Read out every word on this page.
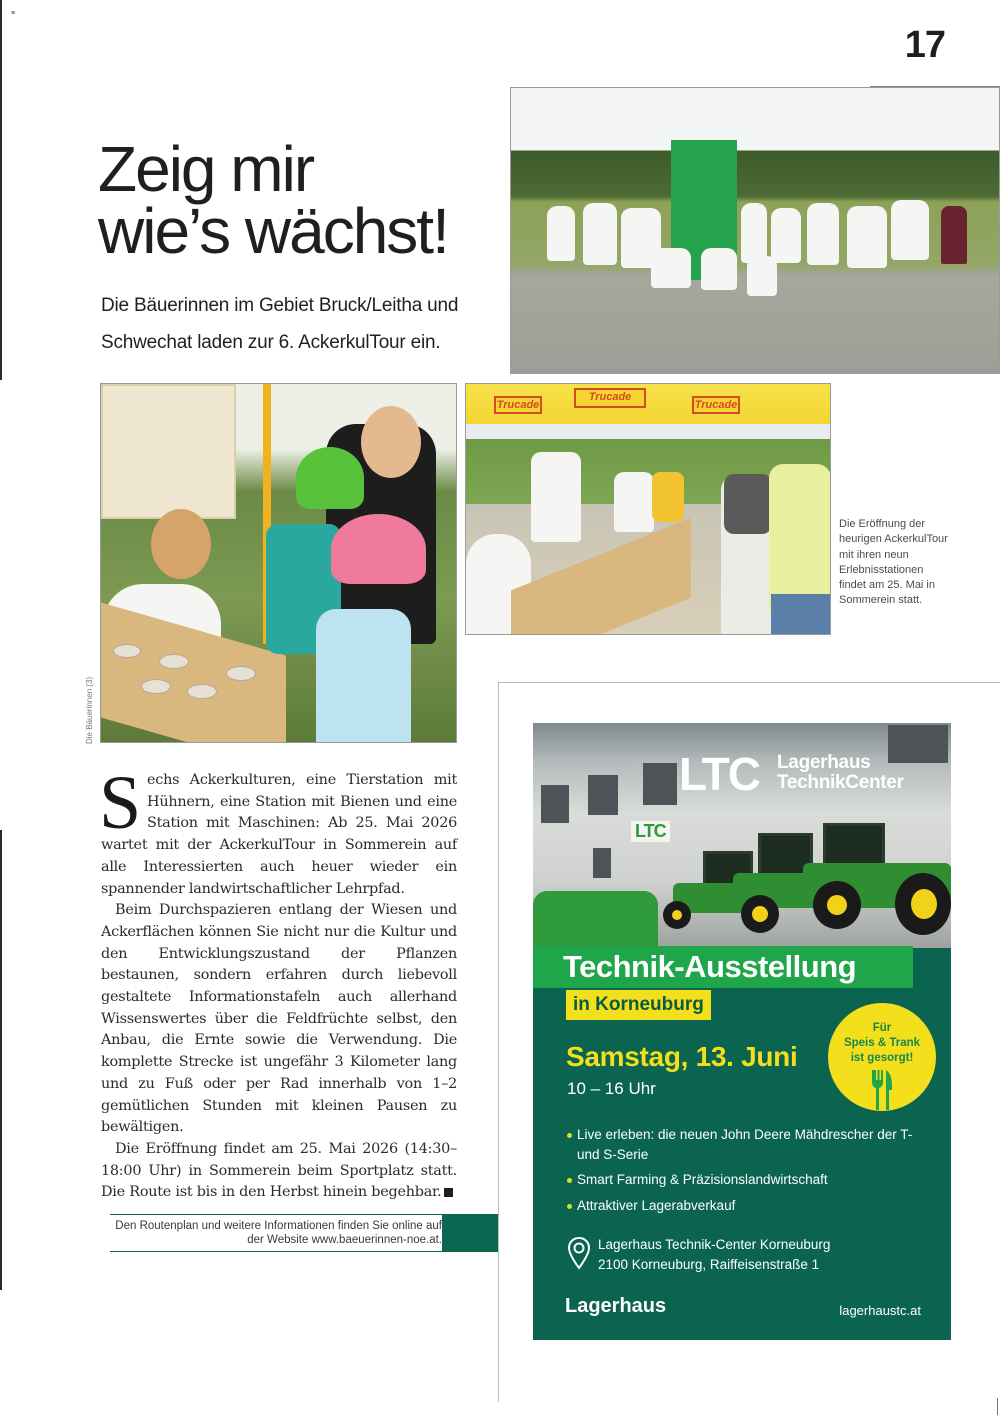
≡
17
Zeig mir
wie’s wächst!
Die Bäuerinnen im Gebiet Bruck/Leitha und Schwechat laden zur 6. AckerkulTour ein.
Die Bäuerinnen (3)
Trucade
Trucade
Trucade
Die Eröffnung der heurigen AckerkulTour mit ihren neun Erlebnisstationen findet am 25. Mai in Sommerein statt.

Sechs Ackerkulturen, eine Tierstation mit Hühnern, eine Station mit Bienen und eine Station mit Maschinen: Ab 25. Mai 2026 wartet mit der AckerkulTour in Sommerein auf alle Interessierten auch heuer wieder ein spannender landwirtschaftlicher Lehrpfad.

Beim Durchspazieren entlang der Wiesen und Ackerflächen können Sie nicht nur die Kultur und den Entwicklungszustand der Pflanzen bestaunen, sondern erfahren durch liebevoll gestaltete Informationstafeln auch allerhand Wissenswertes über die Feldfrüchte selbst, den Anbau, die Ernte sowie die Verwendung. Die komplette Strecke ist ungefähr 3 Kilometer lang und zu Fuß oder per Rad innerhalb von 1–2 gemütlichen Stunden mit kleinen Pausen zu bewältigen.

Die Eröffnung findet am 25. Mai 2026 (14:30–18:00 Uhr) in Sommerein beim Sportplatz statt. Die Route ist bis in den Herbst hinein begehbar.

Den Routenplan und weitere Informationen finden Sie online auf der Website www.baeuerinnen-noe.at.
LTC
LTC Lagerhaus
TechnikCenter
Technik-Ausstellung
in Korneuburg
Samstag, 13. Juni
10 – 16 Uhr
Für
Speis & Trank
ist gesorgt!
Live erleben: die neuen John Deere Mähdrescher der T- und S-Serie
Smart Farming & Präzisionslandwirtschaft
Attraktiver Lagerabverkauf
Lagerhaus Technik-Center Korneuburg
2100 Korneuburg, Raiffeisenstraße 1
Lagerhaus	lagerhaustc.at
